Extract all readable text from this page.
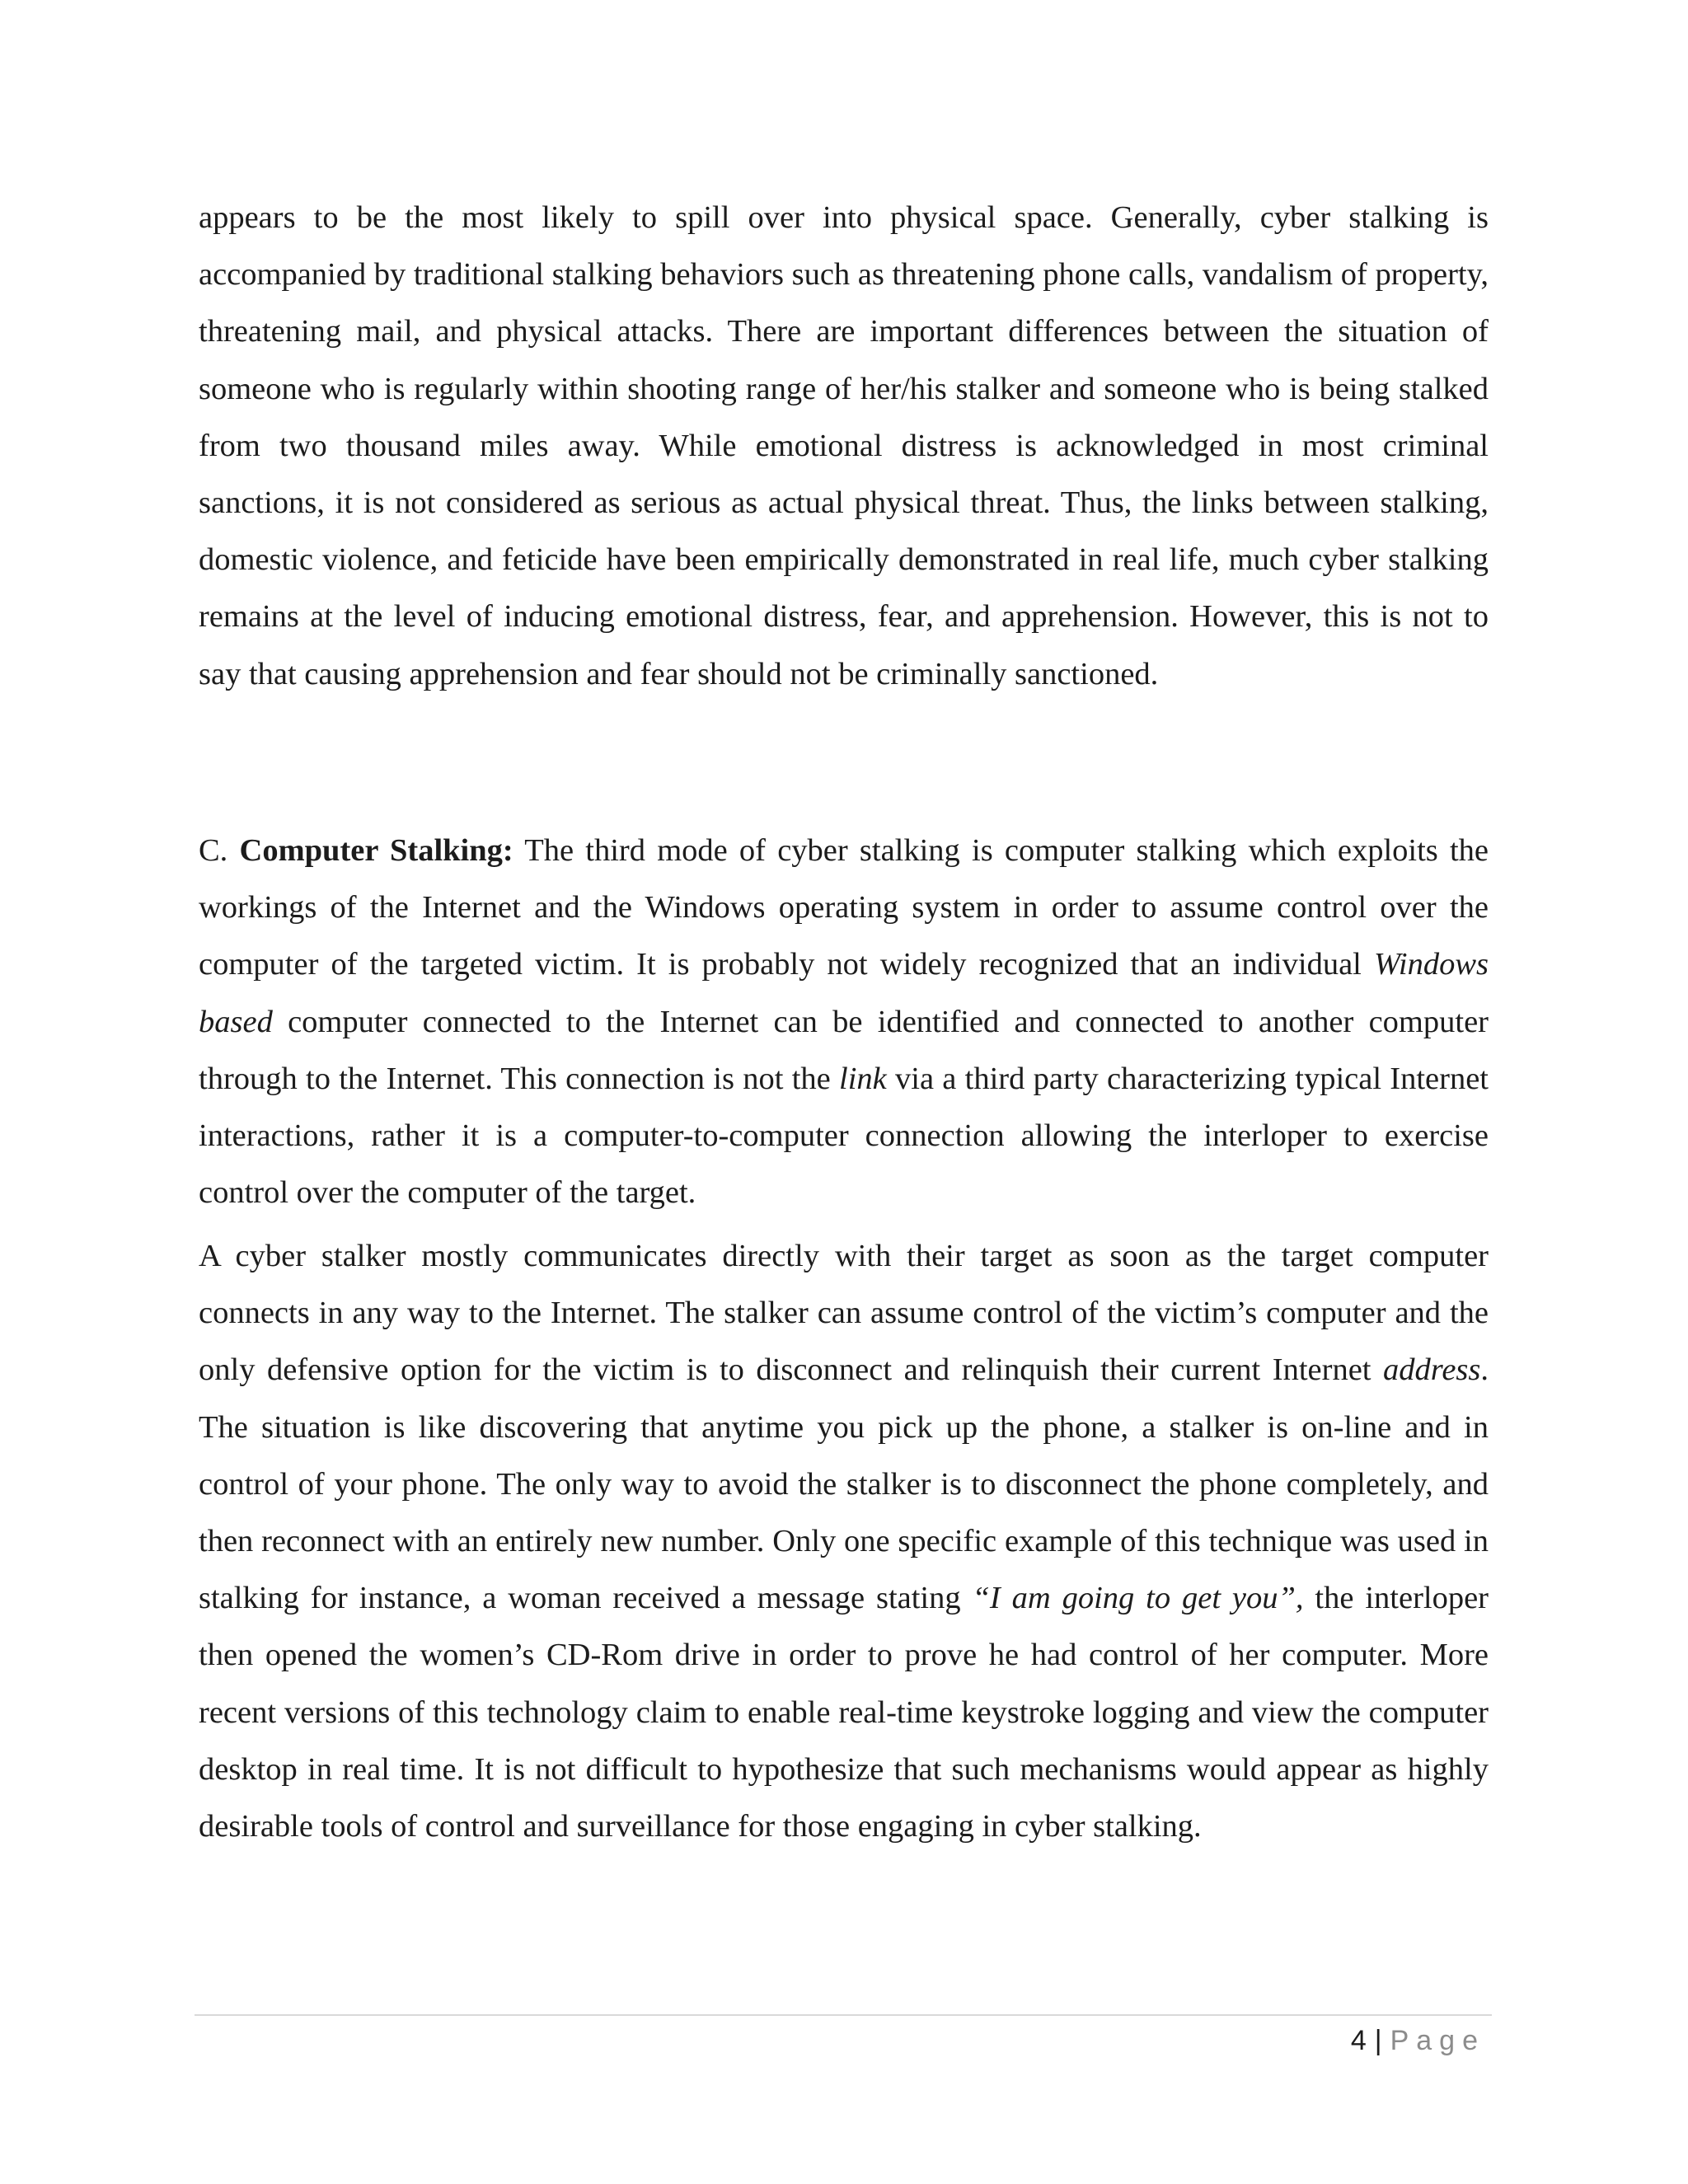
appears to be the most likely to spill over into physical space. Generally, cyber stalking is accompanied by traditional stalking behaviors such as threatening phone calls, vandalism of property, threatening mail, and physical attacks. There are important differences between the situation of someone who is regularly within shooting range of her/his stalker and someone who is being stalked from two thousand miles away. While emotional distress is acknowledged in most criminal sanctions, it is not considered as serious as actual physical threat. Thus, the links between stalking, domestic violence, and feticide have been empirically demonstrated in real life, much cyber stalking remains at the level of inducing emotional distress, fear, and apprehension. However, this is not to say that causing apprehension and fear should not be criminally sanctioned.

C. Computer Stalking: The third mode of cyber stalking is computer stalking which exploits the workings of the Internet and the Windows operating system in order to assume control over the computer of the targeted victim. It is probably not widely recognized that an individual Windows based computer connected to the Internet can be identified and connected to another computer through to the Internet. This connection is not the link via a third party characterizing typical Internet interactions, rather it is a computer-to-computer connection allowing the interloper to exercise control over the computer of the target.

A cyber stalker mostly communicates directly with their target as soon as the target computer connects in any way to the Internet. The stalker can assume control of the victim’s computer and the only defensive option for the victim is to disconnect and relinquish their current Internet address. The situation is like discovering that anytime you pick up the phone, a stalker is on-line and in control of your phone. The only way to avoid the stalker is to disconnect the phone completely, and then reconnect with an entirely new number. Only one specific example of this technique was used in stalking for instance, a woman received a message stating “I am going to get you”, the interloper then opened the women’s CD-Rom drive in order to prove he had control of her computer. More recent versions of this technology claim to enable real-time keystroke logging and view the computer desktop in real time. It is not difficult to hypothesize that such mechanisms would appear as highly desirable tools of control and surveillance for those engaging in cyber stalking.

4 | Page
